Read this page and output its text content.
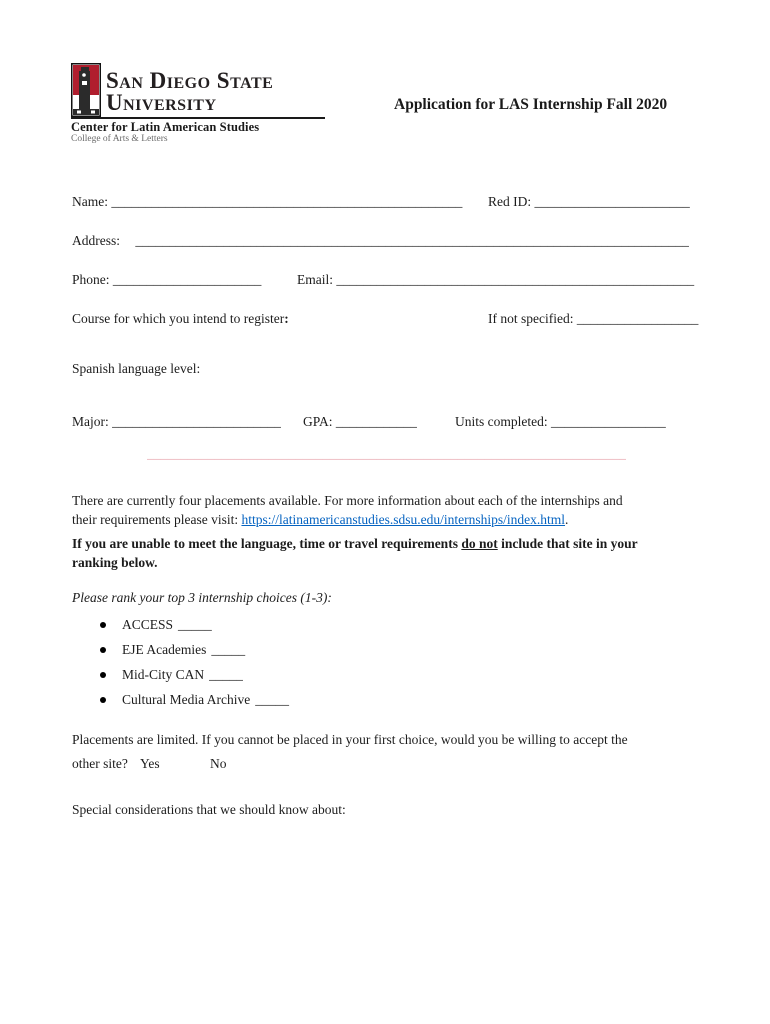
San Diego State
University
Center for Latin American Studies
College of Arts & Letters
Application for LAS Internship Fall 2020
Name: ____________________________________________________ Red ID: _______________________
Address: __________________________________________________________________________________
Phone: ______________________	Email: _____________________________________________________
Course for which you intend to register:	If not specified: __________________
Spanish language level:
Major: _________________________ GPA: ____________	Units completed: _________________
_______________________________________________________________________
There are currently four placements available. For more information about each of the internships and
their requirements please visit: https://latinamericanstudies.sdsu.edu/internships/index.html.
If you are unable to meet the language, time or travel requirements do not include that site in your
ranking below.
Please rank your top 3 internship choices (1-3):
ACCESS _____
EJE Academies _____
Mid-City CAN _____
Cultural Media Archive _____
Placements are limited. If you cannot be placed in your first choice, would you be willing to accept the
other site? Yes	No
Special considerations that we should know about:
